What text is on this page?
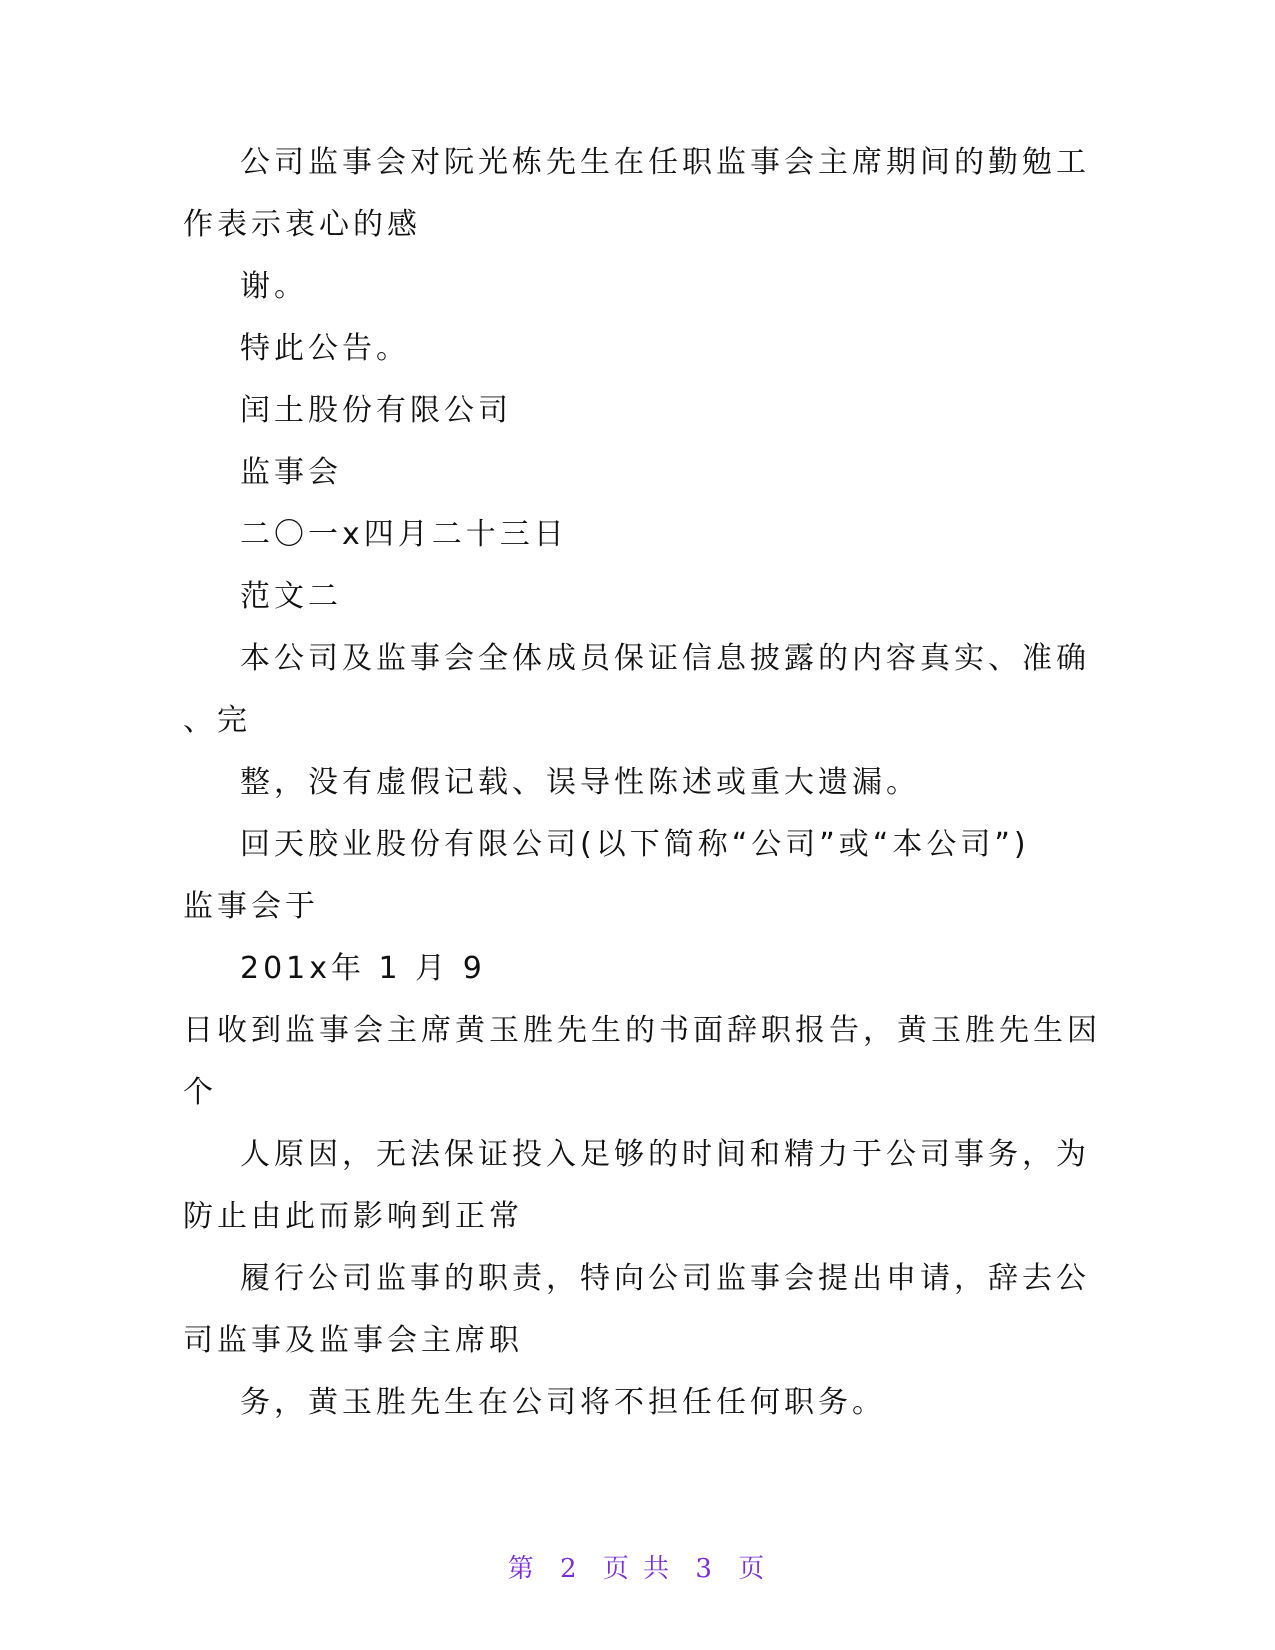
公司监事会对阮光栋先生在任职监事会主席期间的勤勉工
作表示衷心的感
谢。
特此公告。
闰土股份有限公司
监事会
二〇一x四月二十三日
范文二
本公司及监事会全体成员保证信息披露的内容真实、准确
、完
整，没有虚假记载、误导性陈述或重大遗漏。
回天胶业股份有限公司(以下简称“公司”或“本公司”)
监事会于
201x年 1 月 9
日收到监事会主席黄玉胜先生的书面辞职报告，黄玉胜先生因
个
人原因，无法保证投入足够的时间和精力于公司事务，为
防止由此而影响到正常
履行公司监事的职责，特向公司监事会提出申请，辞去公
司监事及监事会主席职
务，黄玉胜先生在公司将不担任任何职务。
第 2 页 共 3 页
